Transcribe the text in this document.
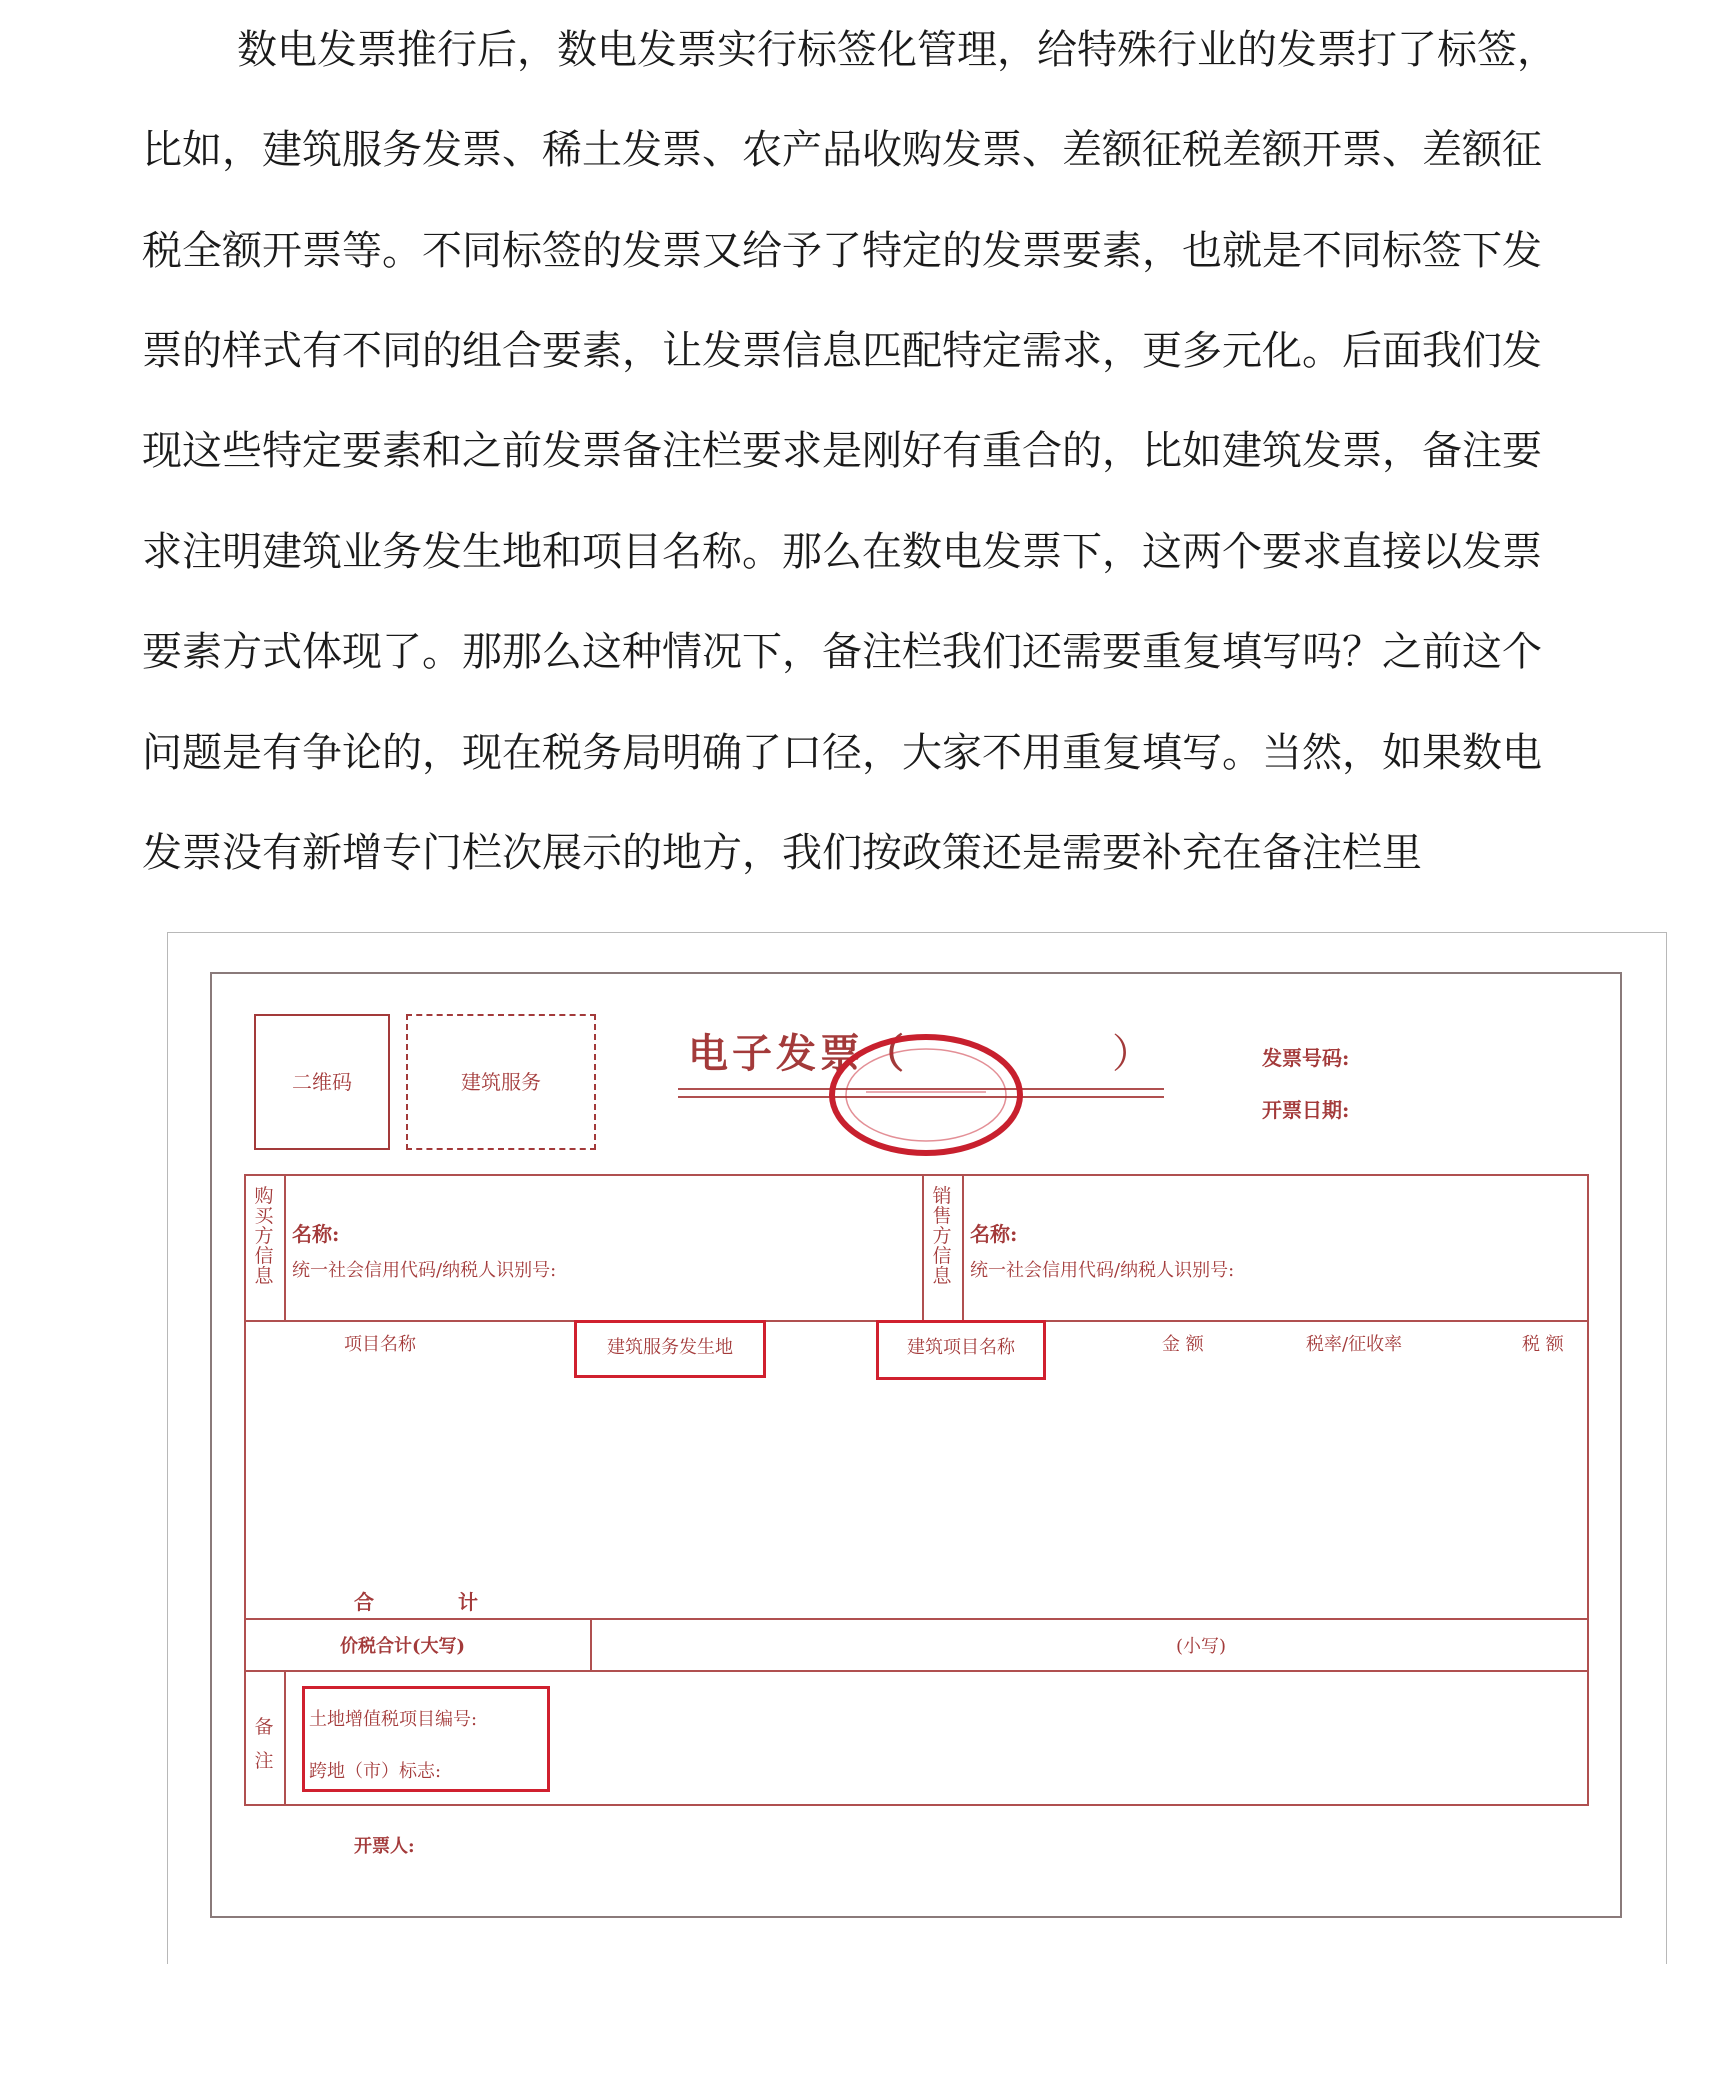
数电发票推行后，数电发票实行标签化管理，给特殊行业的发票打了标签，
比如，建筑服务发票、稀土发票、农产品收购发票、差额征税差额开票、差额征
税全额开票等。不同标签的发票又给予了特定的发票要素，也就是不同标签下发
票的样式有不同的组合要素，让发票信息匹配特定需求，更多元化。后面我们发
现这些特定要素和之前发票备注栏要求是刚好有重合的，比如建筑发票，备注要
求注明建筑业务发生地和项目名称。那么在数电发票下，这两个要求直接以发票
要素方式体现了。那那么这种情况下，备注栏我们还需要重复填写吗？之前这个
问题是有争论的，现在税务局明确了口径，大家不用重复填写。当然，如果数电
发票没有新增专门栏次展示的地方，我们按政策还是需要补充在备注栏里
二维码	建筑服务
电子发票（	）	发票号码:
开票日期:
购买方信息
名称:
统一社会信用代码/纳税人识别号:
销售方信息
名称:
统一社会信用代码/纳税人识别号:
项目名称	建筑服务发生地	建筑项目名称	金 额	税率/征收率	税 额
合	计
价税合计(大写)	(小写)
备注
土地增值税项目编号:
跨地（市）标志:
开票人:
